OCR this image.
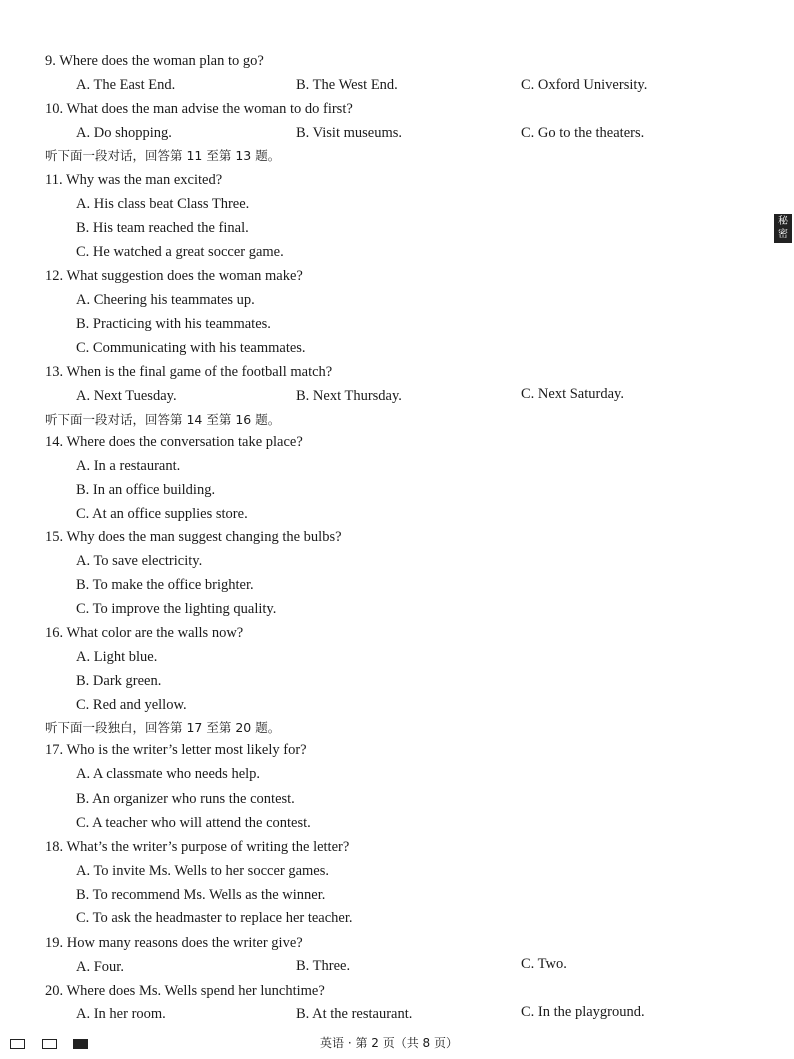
秘密
9. Where does the woman plan to go?
A. The East End.	B. The West End.	C. Oxford University.
10. What does the man advise the woman to do first?
A. Do shopping.	B. Visit museums.	C. Go to the theaters.
听下面一段对话，回答第 11 至第 13 题。
11. Why was the man excited?
A. His class beat Class Three.
B. His team reached the final.
C. He watched a great soccer game.
12. What suggestion does the woman make?
A. Cheering his teammates up.
B. Practicing with his teammates.
C. Communicating with his teammates.
13. When is the final game of the football match?
A. Next Tuesday.	B. Next Thursday.	C. Next Saturday.
听下面一段对话，回答第 14 至第 16 题。
14. Where does the conversation take place?
A. In a restaurant.
B. In an office building.
C. At an office supplies store.
15. Why does the man suggest changing the bulbs?
A. To save electricity.
B. To make the office brighter.
C. To improve the lighting quality.
16. What color are the walls now?
A. Light blue.
B. Dark green.
C. Red and yellow.
听下面一段独白，回答第 17 至第 20 题。
17. Who is the writer’s letter most likely for?
A. A classmate who needs help.
B. An organizer who runs the contest.
C. A teacher who will attend the contest.
18. What’s the writer’s purpose of writing the letter?
A. To invite Ms. Wells to her soccer games.
B. To recommend Ms. Wells as the winner.
C. To ask the headmaster to replace her teacher.
19. How many reasons does the writer give?
A. Four.	B. Three.	C. Two.
20. Where does Ms. Wells spend her lunchtime?
A. In her room.	B. At the restaurant.	C. In the playground.
英语 · 第 2 页（共 8 页）
